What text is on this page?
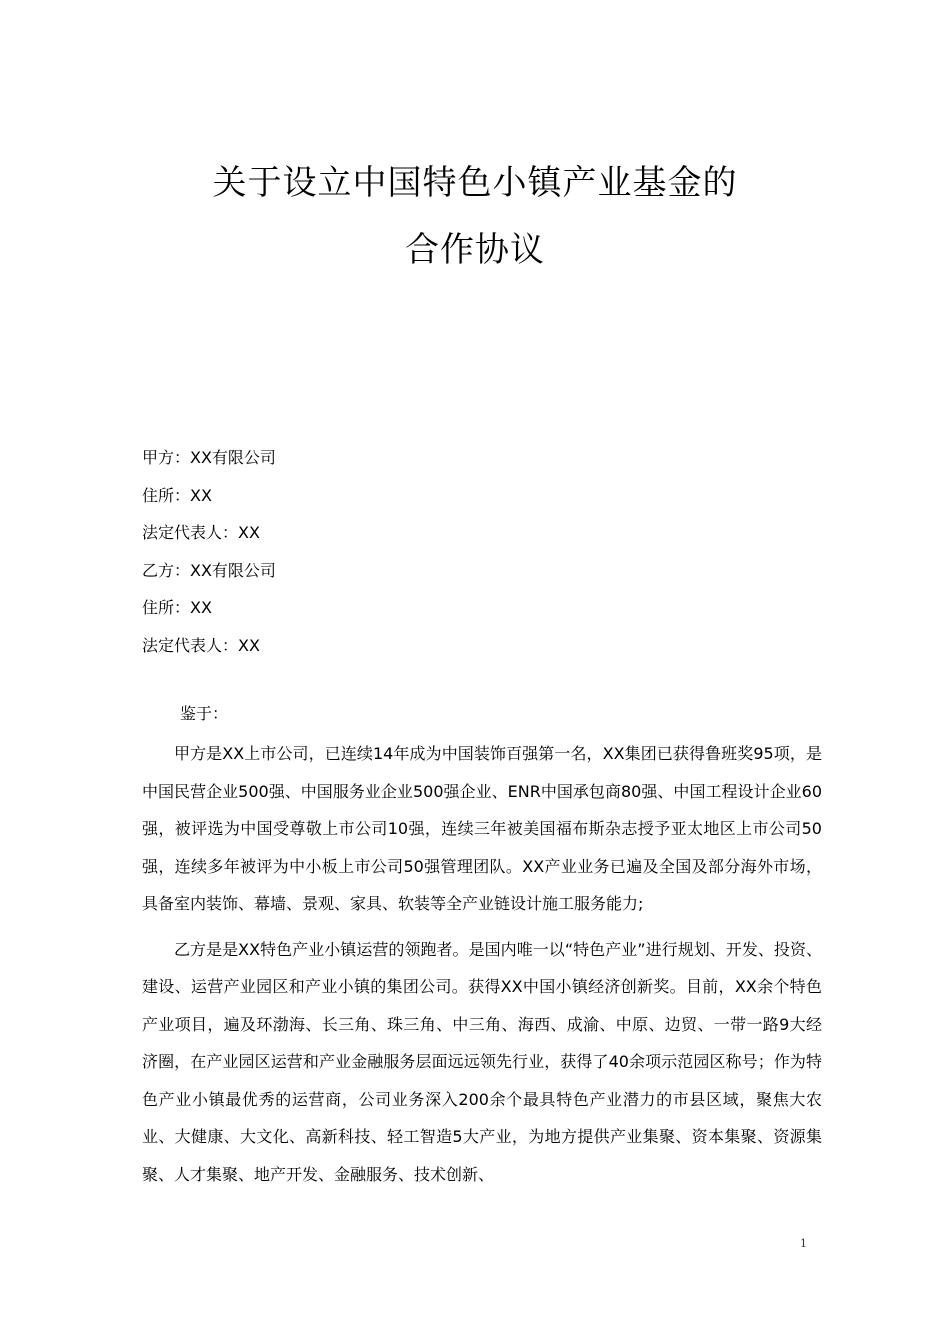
关于设立中国特色小镇产业基金的
合作协议
甲方：XX有限公司
住所：XX
法定代表人：XX
乙方：XX有限公司
住所：XX
法定代表人：XX
鉴于：
甲方是XX上市公司，已连续14年成为中国装饰百强第一名，XX集团已获得鲁班奖95项，是中国民营企业500强、中国服务业企业500强企业、ENR中国承包商80强、中国工程设计企业60强，被评选为中国受尊敬上市公司10强，连续三年被美国福布斯杂志授予亚太地区上市公司50强，连续多年被评为中小板上市公司50强管理团队。XX产业业务已遍及全国及部分海外市场，具备室内装饰、幕墙、景观、家具、软装等全产业链设计施工服务能力;
乙方是是XX特色产业小镇运营的领跑者。是国内唯一以“特色产业”进行规划、开发、投资、建设、运营产业园区和产业小镇的集团公司。获得XX中国小镇经济创新奖。目前，XX余个特色产业项目，遍及环渤海、长三角、珠三角、中三角、海西、成渝、中原、边贸、一带一路9大经济圈，在产业园区运营和产业金融服务层面远远领先行业，获得了40余项示范园区称号；作为特色产业小镇最优秀的运营商，公司业务深入200余个最具特色产业潜力的市县区域，聚焦大农业、大健康、大文化、高新科技、轻工智造5大产业，为地方提供产业集聚、资本集聚、资源集聚、人才集聚、地产开发、金融服务、技术创新、
1
